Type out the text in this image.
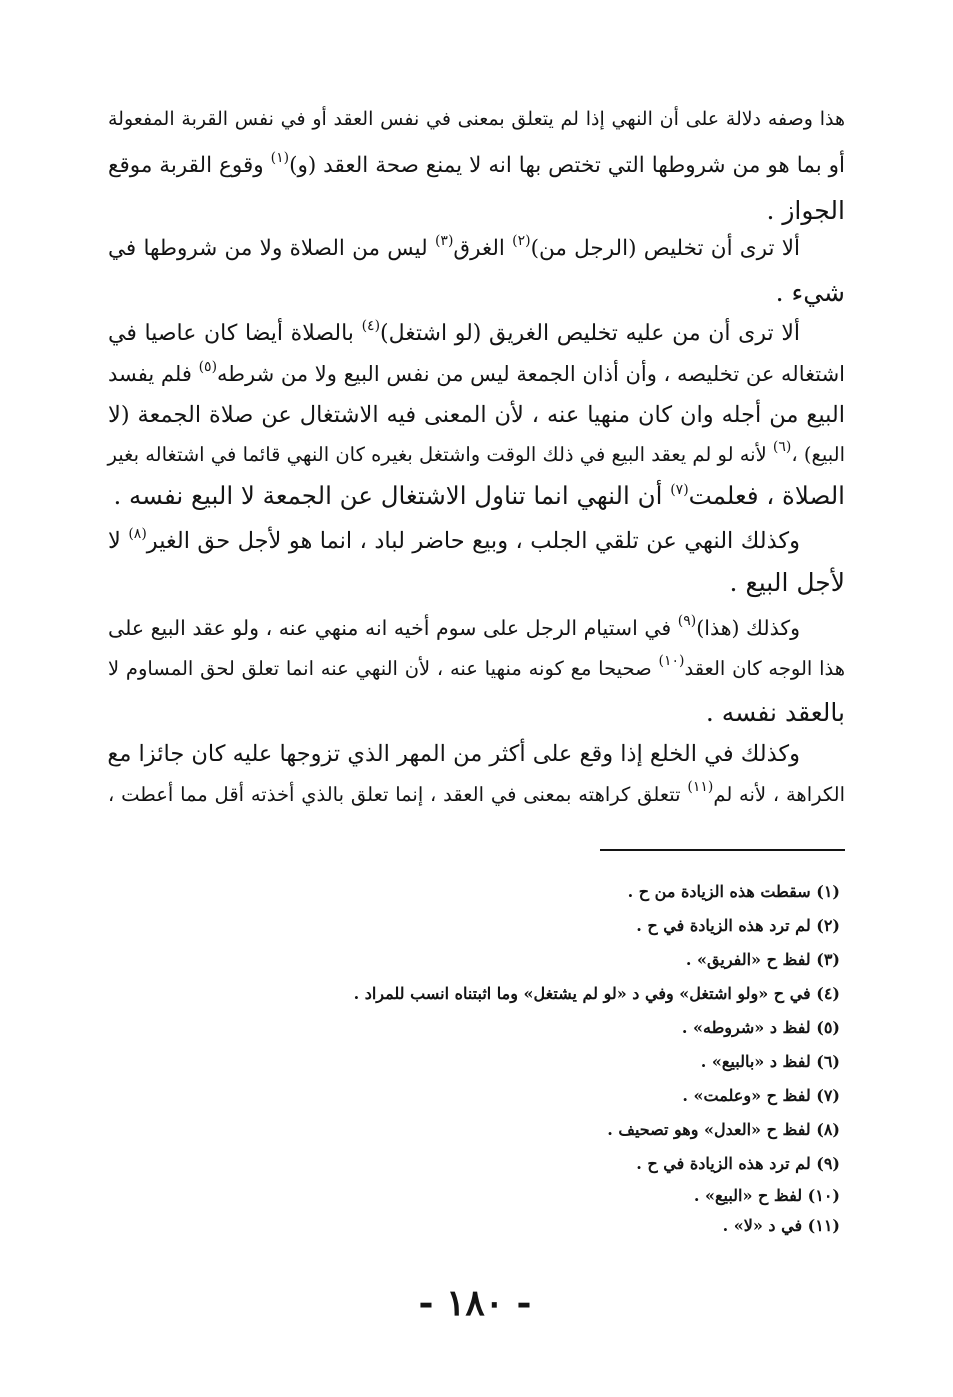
هذا وصفه دلالة على أن النهي إذا لم يتعلق بمعنى في نفس العقد أو في نفس القربة المفعولة
أو بما هو من شروطها التي تختص بها انه لا يمنع صحة العقد (و)$^{(١)}$ وقوع القربة موقع
الجواز .
ألا ترى أن تخليص (الرجل من)$^{(٢)}$ الغرق$^{(٣)}$ ليس من الصلاة ولا من شروطها في
شيء .
ألا ترى أن من عليه تخليص الغريق (لو اشتغل)$^{(٤)}$ بالصلاة أيضا كان عاصيا في
اشتغاله عن تخليصه ، وأن أذان الجمعة ليس من نفس البيع ولا من شرطه$^{(٥)}$ فلم يفسد
البيع من أجله وان كان منهيا عنه ، لأن المعنى فيه الاشتغال عن صلاة الجمعة (لا
البيع) ،$^{(٦)}$ لأنه لو لم يعقد البيع في ذلك الوقت واشتغل بغيره كان النهي قائما في اشتغاله بغير
الصلاة ، فعلمت$^{(٧)}$ أن النهي انما تناول الاشتغال عن الجمعة لا البيع نفسه .
وكذلك النهي عن تلقي الجلب ، وبيع حاضر لباد ، انما هو لأجل حق الغير$^{(٨)}$ لا
لأجل البيع .
وكذلك (هذا)$^{(٩)}$ في استيام الرجل على سوم أخيه انه منهي عنه ، ولو عقد البيع على
هذا الوجه كان العقد$^{(١٠)}$ صحيحا مع كونه منهيا عنه ، لأن النهي عنه انما تعلق لحق المساوم لا
بالعقد نفسه .
وكذلك في الخلع إذا وقع على أكثر من المهر الذي تزوجها عليه كان جائزا مع
الكراهة ، لأنه لم$^{(١١)}$ تتعلق كراهته بمعنى في العقد ، إنما تعلق بالذي أخذته أقل مما أعطت ،
(١) سقطت هذه الزيادة من ح .
(٢) لم ترد هذه الزيادة في ح .
(٣) لفظ ح «الفريق» .
(٤) في ح «ولو اشتغل» وفي د «لو لم يشتغل» وما اثبتناه انسب للمراد .
(٥) لفظ د «شروطه» .
(٦) لفظ د «بالبيع» .
(٧) لفظ ح «وعلمت» .
(٨) لفظ ح «العدل» وهو تصحيف .
(٩) لم ترد هذه الزيادة في ح .
(١٠) لفظ ح «البيع» .
(١١) في د «لا» .
- ١٨٠ -
